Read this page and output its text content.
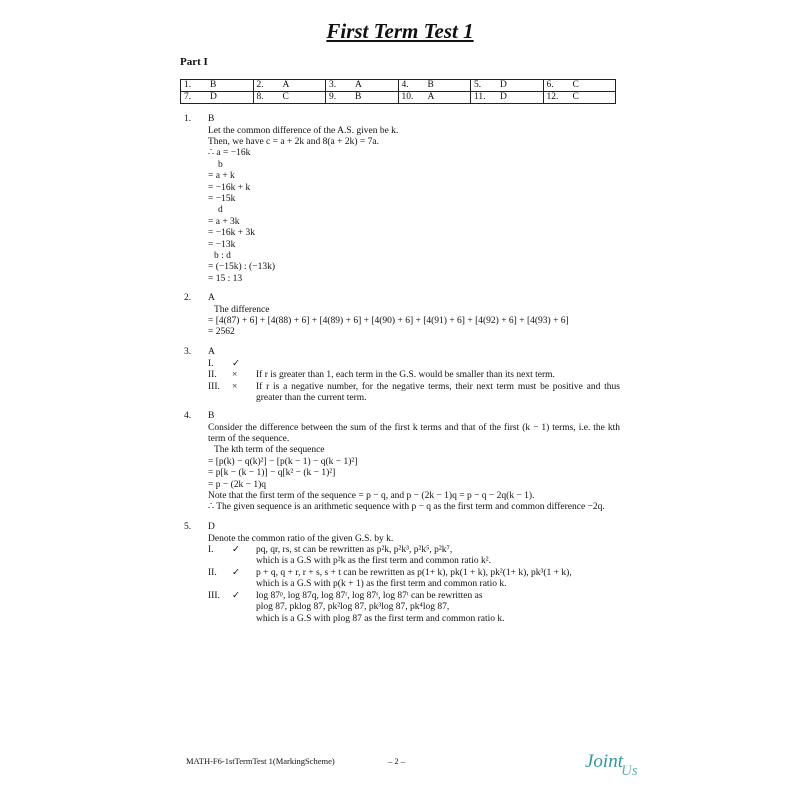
First Term Test 1
Part I
1. B	2. A	3. A	4. B	5. D	6. C
7. D	8. C	9. B	10. A	11. D	12. C
1. B
Let the common difference of the A.S. given be k.
Then, we have c = a + 2k and 8(a + 2k) = 7a.
∴ a = −16k
b
= a + k
= −16k + k
= −15k
d
= a + 3k
= −16k + 3k
= −13k
b : d
= (−15k) : (−13k)
= 15 : 13
2. A
The difference
= [4(87) + 6] + [4(88) + 6] + [4(89) + 6] + [4(90) + 6] + [4(91) + 6] + [4(92) + 6] + [4(93) + 6]
= 2562
3. A
I. ✓
II. × If r is greater than 1, each term in the G.S. would be smaller than its next term.
III. × If r is a negative number, for the negative terms, their next term must be positive and thus greater than the current term.
4. B
Consider the difference between the sum of the first k terms and that of the first (k − 1) terms, i.e. the kth term of the sequence.
The kth term of the sequence
= [p(k) − q(k)²] − [p(k − 1) − q(k − 1)²]
= p[k − (k − 1)] − q[k² − (k − 1)²]
= p − (2k − 1)q
Note that the first term of the sequence = p − q, and p − (2k − 1)q = p − q − 2q(k − 1).
∴ The given sequence is an arithmetic sequence with p − q as the first term and common difference −2q.
5. D
Denote the common ratio of the given G.S. by k.
I. ✓ pq, qr, rs, st can be rewritten as p²k, p²k³, p²k⁵, p²k⁷,
which is a G.S with p²k as the first term and common ratio k².
II. ✓ p + q, q + r, r + s, s + t can be rewritten as p(1+ k), pk(1 + k), pk²(1+ k), pk³(1 + k),
which is a G.S with p(k + 1) as the first term and common ratio k.
III. ✓ log 87ᵖ, log 87q, log 87ʳ, log 87ˢ, log 87ᵗ can be rewritten as
plog 87, pklog 87, pk²log 87, pk³log 87, pk⁴log 87,
which is a G.S with plog 87 as the first term and common ratio k.
MATH-F6-1stTermTest 1(MarkingScheme)	– 2 –	Joint$_{Us}$
